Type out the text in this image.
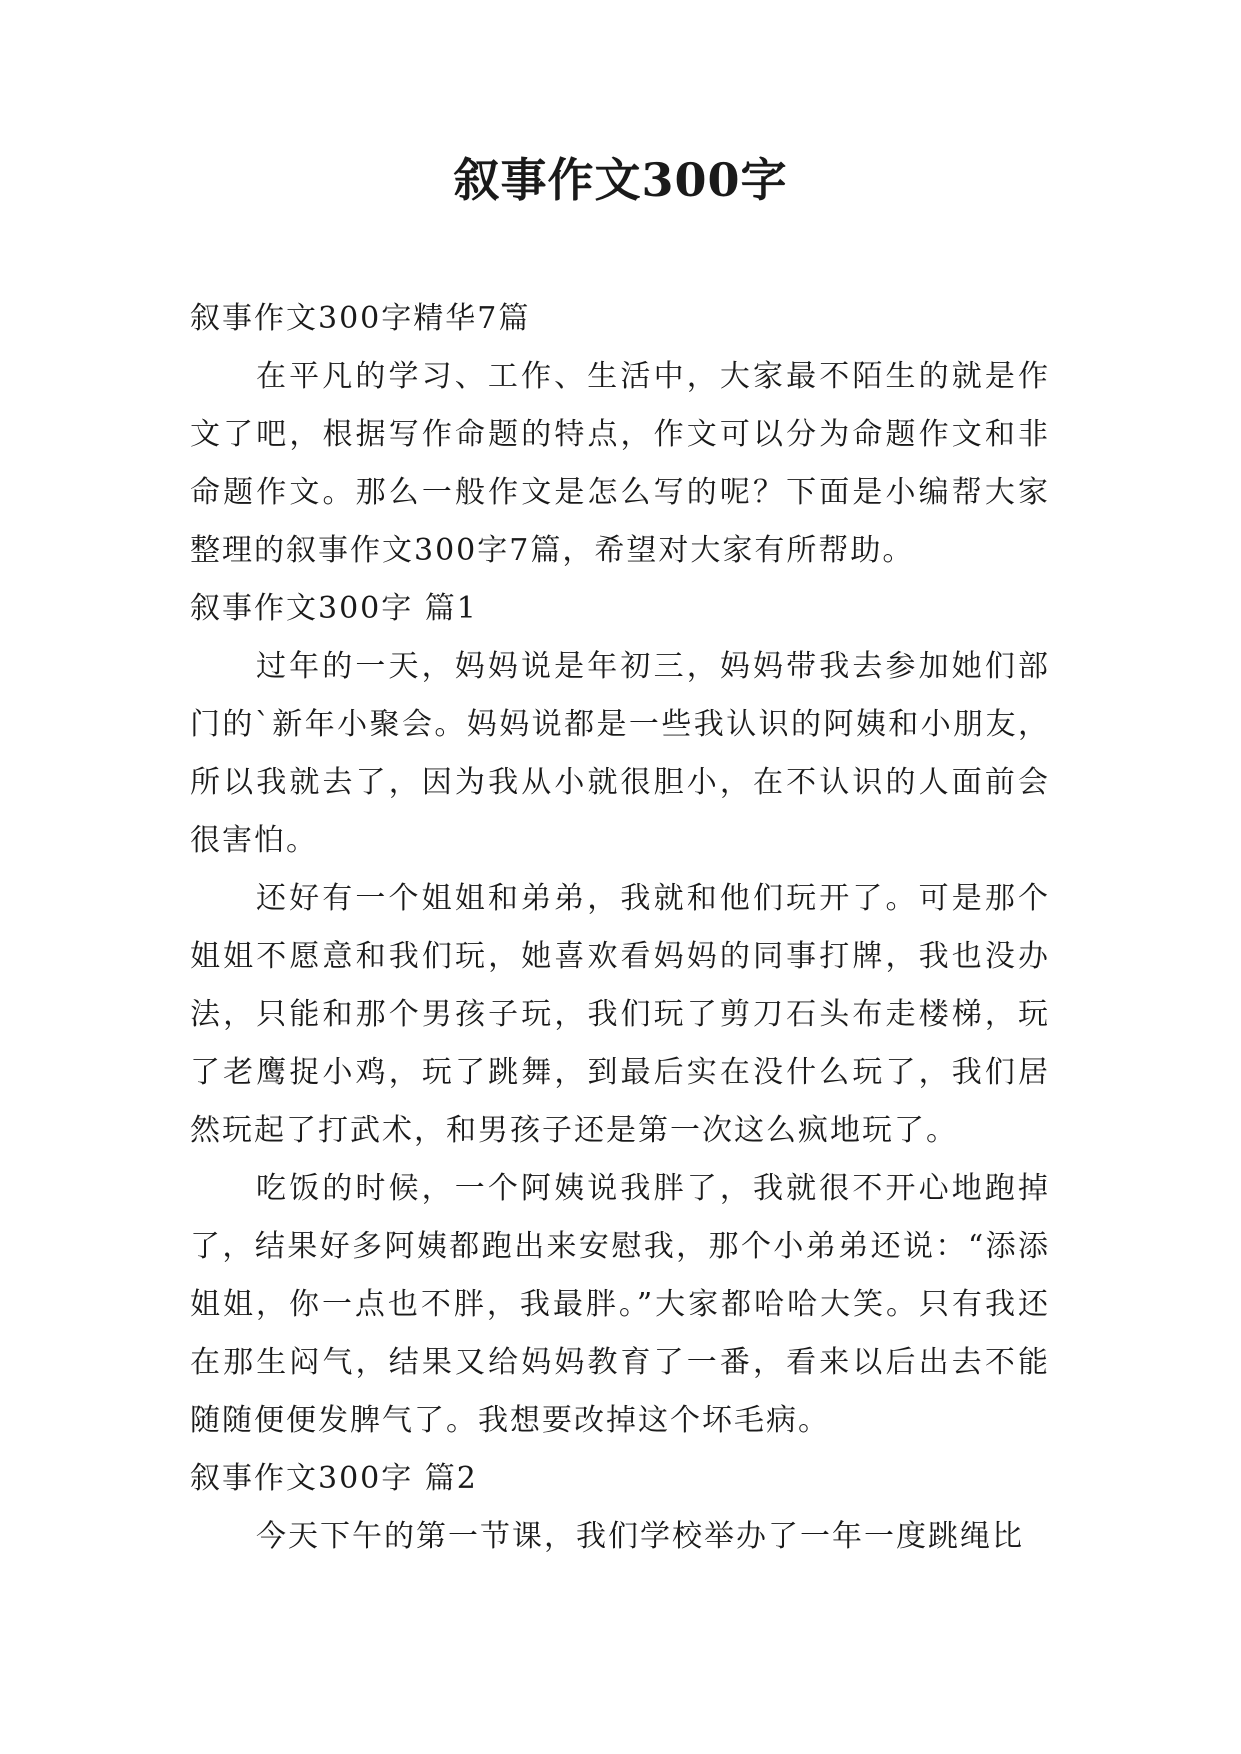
叙事作文300字

叙事作文300字精华7篇

在平凡的学习、工作、生活中，大家最不陌生的就是作文了吧，根据写作命题的特点，作文可以分为命题作文和非命题作文。那么一般作文是怎么写的呢？下面是小编帮大家整理的叙事作文300字7篇，希望对大家有所帮助。

叙事作文300字 篇1

过年的一天，妈妈说是年初三，妈妈带我去参加她们部门的`新年小聚会。妈妈说都是一些我认识的阿姨和小朋友，所以我就去了，因为我从小就很胆小，在不认识的人面前会很害怕。

还好有一个姐姐和弟弟，我就和他们玩开了。可是那个姐姐不愿意和我们玩，她喜欢看妈妈的同事打牌，我也没办法，只能和那个男孩子玩，我们玩了剪刀石头布走楼梯，玩了老鹰捉小鸡，玩了跳舞，到最后实在没什么玩了，我们居然玩起了打武术，和男孩子还是第一次这么疯地玩了。

吃饭的时候，一个阿姨说我胖了，我就很不开心地跑掉了，结果好多阿姨都跑出来安慰我，那个小弟弟还说：“添添姐姐，你一点也不胖，我最胖。”大家都哈哈大笑。只有我还在那生闷气，结果又给妈妈教育了一番，看来以后出去不能随随便便发脾气了。我想要改掉这个坏毛病。

叙事作文300字 篇2

今天下午的第一节课，我们学校举办了一年一度跳绳比
